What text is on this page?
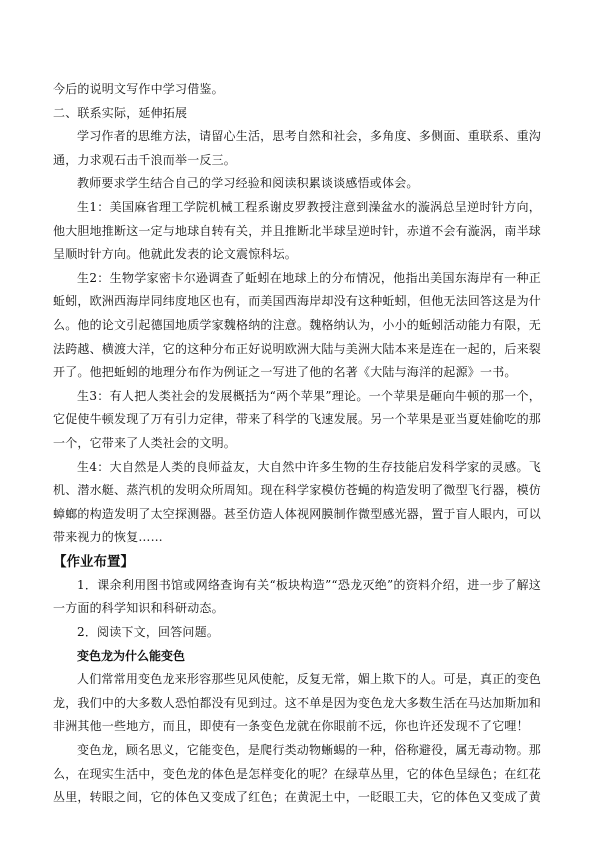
今后的说明文写作中学习借鉴。

二、联系实际，延伸拓展

学习作者的思维方法，请留心生活，思考自然和社会，多角度、多侧面、重联系、重沟通，力求观石击千浪而举一反三。

教师要求学生结合自己的学习经验和阅读积累谈谈感悟或体会。

生1：美国麻省理工学院机械工程系谢皮罗教授注意到澡盆水的漩涡总呈逆时针方向，他大胆地推断这一定与地球自转有关，并且推断北半球呈逆时针，赤道不会有漩涡，南半球呈顺时针方向。他就此发表的论文震惊科坛。

生2：生物学家密卡尔逊调查了蚯蚓在地球上的分布情况，他指出美国东海岸有一种正蚯蚓，欧洲西海岸同纬度地区也有，而美国西海岸却没有这种蚯蚓，但他无法回答这是为什么。他的论文引起德国地质学家魏格纳的注意。魏格纳认为，小小的蚯蚓活动能力有限，无法跨越、横渡大洋，它的这种分布正好说明欧洲大陆与美洲大陆本来是连在一起的，后来裂开了。他把蚯蚓的地理分布作为例证之一写进了他的名著《大陆与海洋的起源》一书。

生3：有人把人类社会的发展概括为“两个苹果”理论。一个苹果是砸向牛顿的那一个，它促使牛顿发现了万有引力定律，带来了科学的飞速发展。另一个苹果是亚当夏娃偷吃的那一个，它带来了人类社会的文明。

生4：大自然是人类的良师益友，大自然中许多生物的生存技能启发科学家的灵感。飞机、潜水艇、蒸汽机的发明众所周知。现在科学家模仿苍蝇的构造发明了微型飞行器，模仿蟑螂的构造发明了太空探测器。甚至仿造人体视网膜制作微型感光器，置于盲人眼内，可以带来视力的恢复……

【作业布置】

1．课余利用图书馆或网络查询有关“板块构造”“恐龙灭绝”的资料介绍，进一步了解这一方面的科学知识和科研动态。

2．阅读下文，回答问题。

变色龙为什么能变色

人们常常用变色龙来形容那些见风使舵，反复无常，媚上欺下的人。可是，真正的变色龙，我们中的大多数人恐怕都没有见到过。这不单是因为变色龙大多数生活在马达加斯加和非洲其他一些地方，而且，即使有一条变色龙就在你眼前不远，你也许还发现不了它哩！

变色龙，顾名思义，它能变色，是爬行类动物蜥蜴的一种，俗称避役，属无毒动物。那么，在现实生活中，变色龙的体色是怎样变化的呢？在绿草丛里，它的体色呈绿色；在红花丛里，转眼之间，它的体色又变成了红色；在黄泥土中，一眨眼工夫，它的体色又变成了黄
